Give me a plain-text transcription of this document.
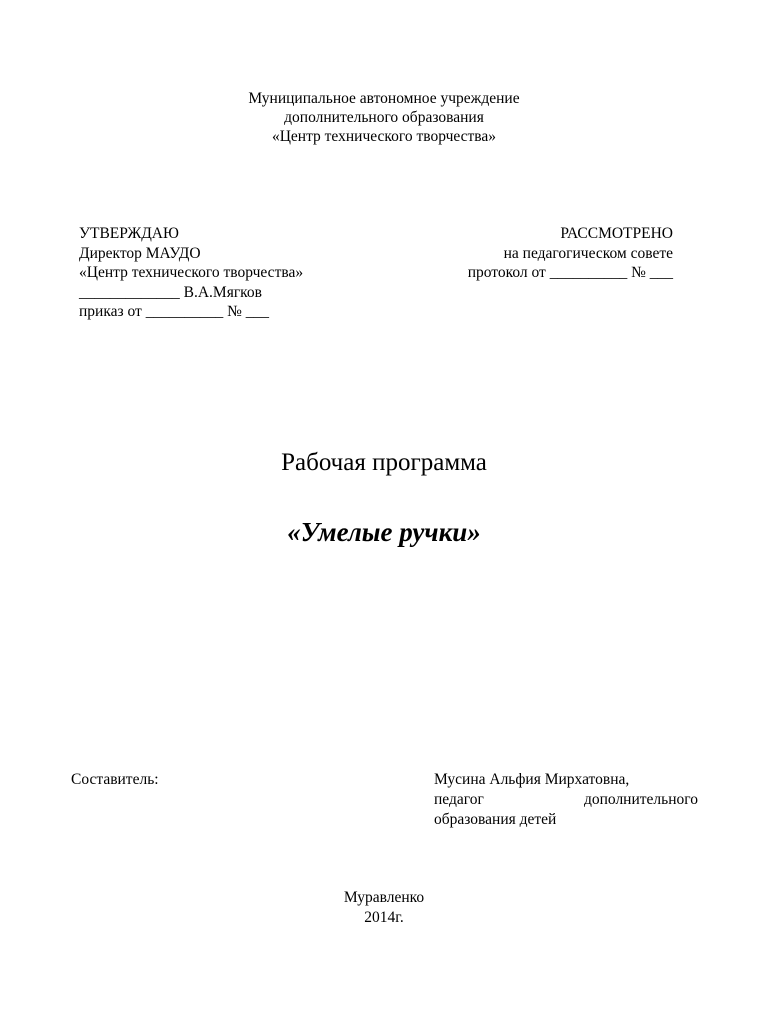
Муниципальное автономное учреждение
дополнительного образования
«Центр технического творчества»
УТВЕРЖДАЮ
Директор МАУДО
«Центр технического творчества»
_____________ В.А.Мягков
приказ от __________ № ___
РАССМОТРЕНО
на педагогическом совете
протокол от __________ № ___
Рабочая программа
«Умелые ручки»
Составитель:	Мусина Альфия Мирхатовна,
педагог	дополнительного
образования детей
Муравленко
2014г.
